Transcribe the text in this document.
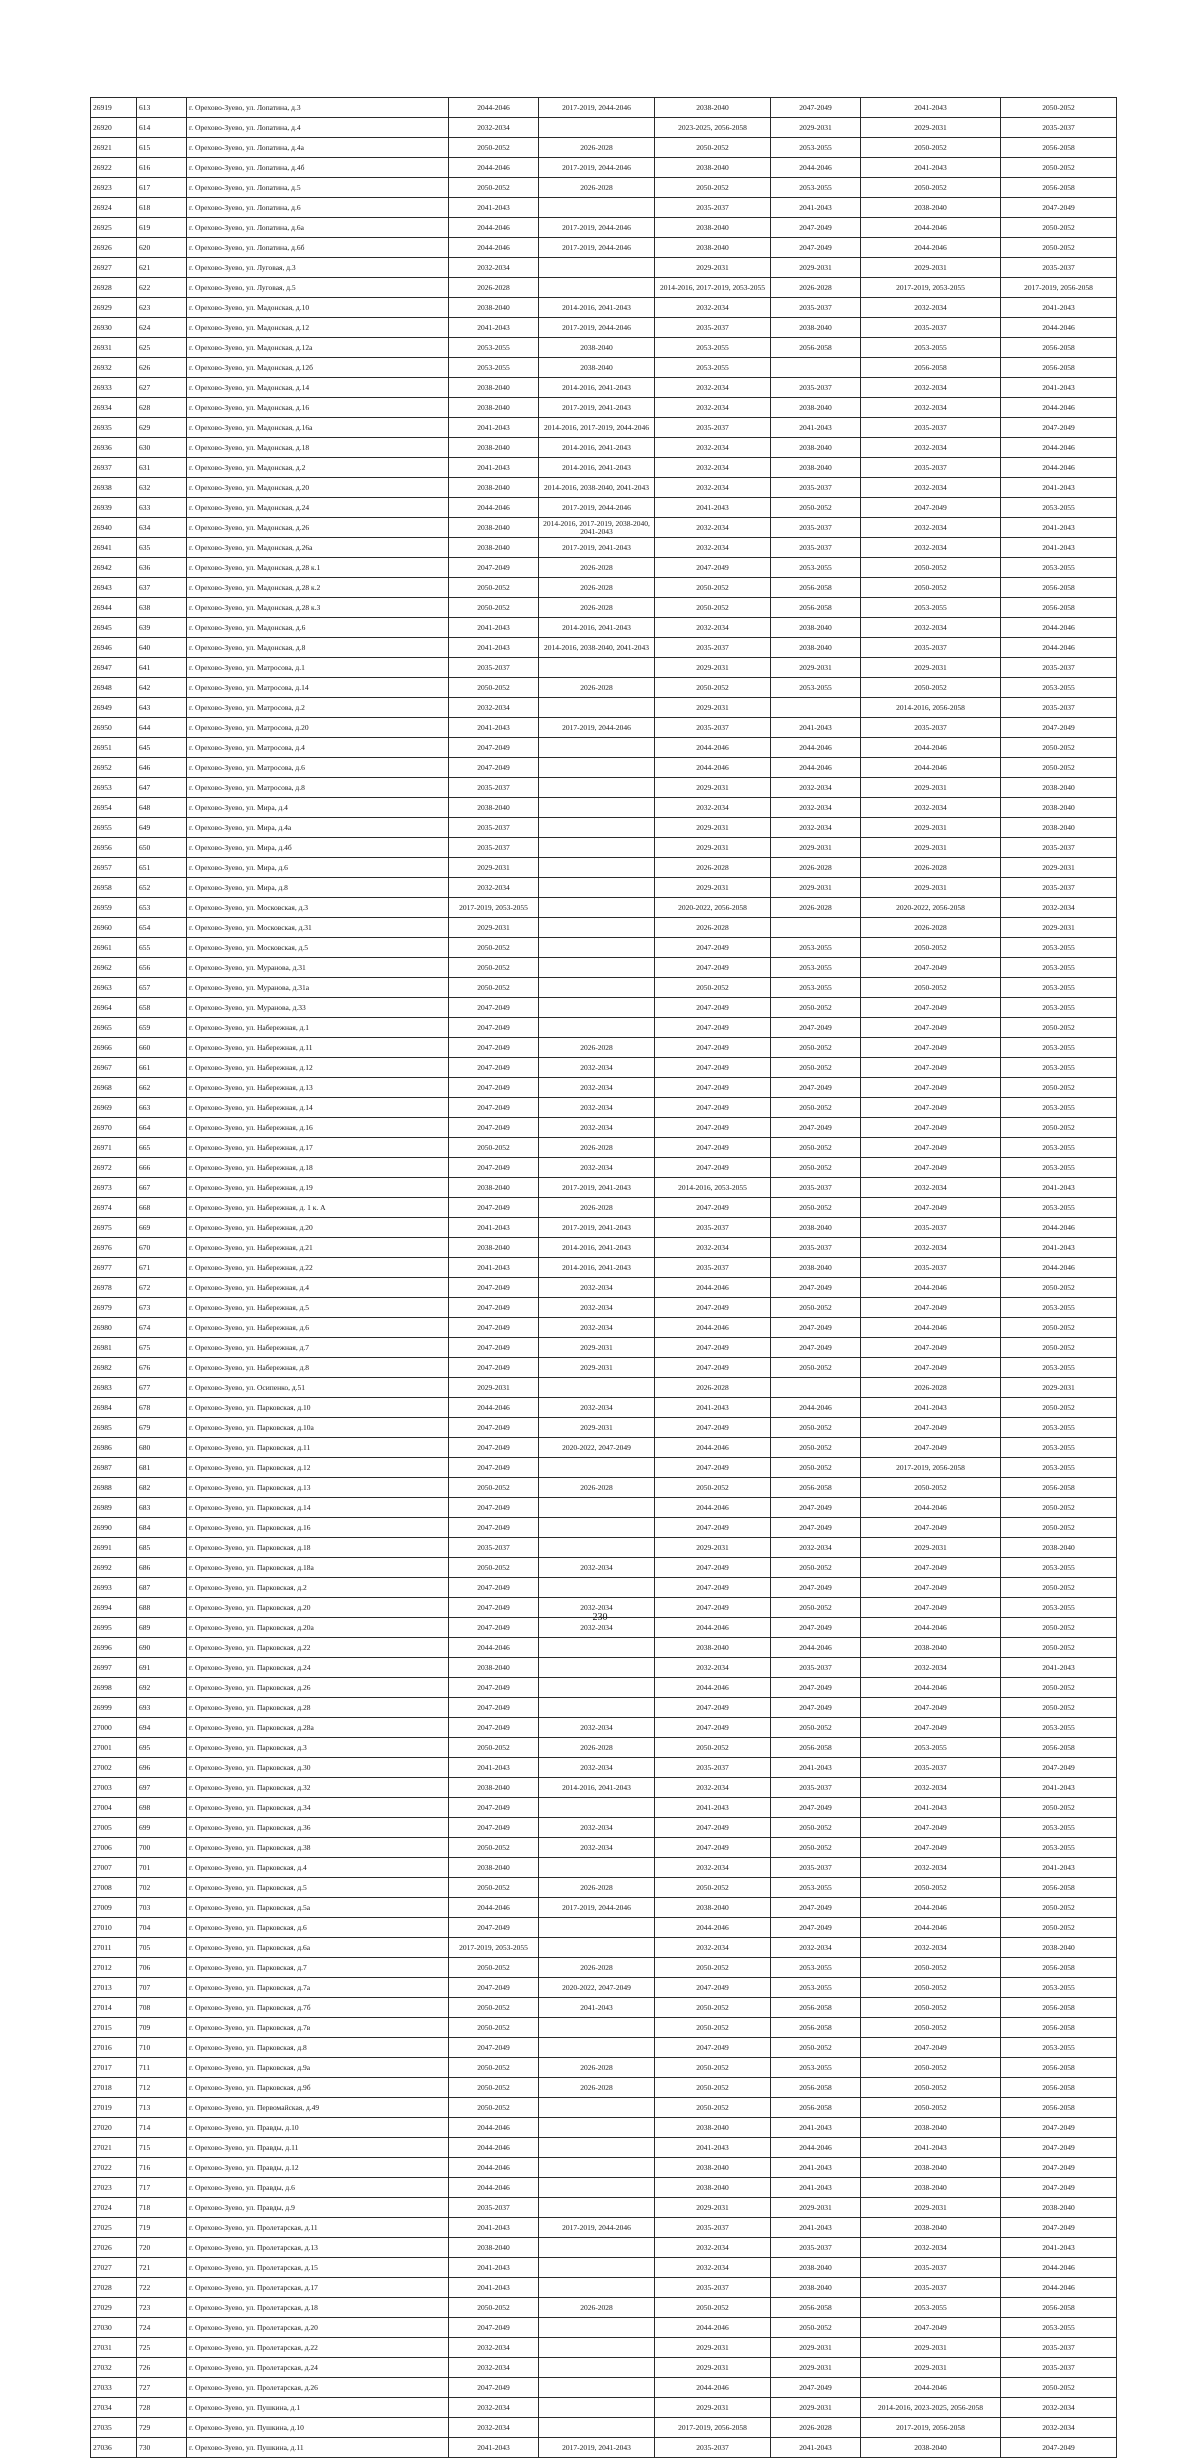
26919	613	г. Орехово-Зуево, ул. Лопатина, д.3	2044-2046	2017-2019, 2044-2046	2038-2040	2047-2049	2041-2043	2050-2052
26920	614	г. Орехово-Зуево, ул. Лопатина, д.4	2032-2034		2023-2025, 2056-2058	2029-2031	2029-2031	2035-2037
26921	615	г. Орехово-Зуево, ул. Лопатина, д.4а	2050-2052	2026-2028	2050-2052	2053-2055	2050-2052	2056-2058
26922	616	г. Орехово-Зуево, ул. Лопатина, д.4б	2044-2046	2017-2019, 2044-2046	2038-2040	2044-2046	2041-2043	2050-2052
26923	617	г. Орехово-Зуево, ул. Лопатина, д.5	2050-2052	2026-2028	2050-2052	2053-2055	2050-2052	2056-2058
26924	618	г. Орехово-Зуево, ул. Лопатина, д.6	2041-2043		2035-2037	2041-2043	2038-2040	2047-2049
26925	619	г. Орехово-Зуево, ул. Лопатина, д.6а	2044-2046	2017-2019, 2044-2046	2038-2040	2047-2049	2044-2046	2050-2052
26926	620	г. Орехово-Зуево, ул. Лопатина, д.6б	2044-2046	2017-2019, 2044-2046	2038-2040	2047-2049	2044-2046	2050-2052
26927	621	г. Орехово-Зуево, ул. Луговая, д.3	2032-2034		2029-2031	2029-2031	2029-2031	2035-2037
26928	622	г. Орехово-Зуево, ул. Луговая, д.5	2026-2028		2014-2016, 2017-2019, 2053-2055	2026-2028	2017-2019, 2053-2055	2017-2019, 2056-2058
26929	623	г. Орехово-Зуево, ул. Мадонская, д.10	2038-2040	2014-2016, 2041-2043	2032-2034	2035-2037	2032-2034	2041-2043
26930	624	г. Орехово-Зуево, ул. Мадонская, д.12	2041-2043	2017-2019, 2044-2046	2035-2037	2038-2040	2035-2037	2044-2046
26931	625	г. Орехово-Зуево, ул. Мадонская, д.12а	2053-2055	2038-2040	2053-2055	2056-2058	2053-2055	2056-2058
26932	626	г. Орехово-Зуево, ул. Мадонская, д.12б	2053-2055	2038-2040	2053-2055		2056-2058	2056-2058
26933	627	г. Орехово-Зуево, ул. Мадонская, д.14	2038-2040	2014-2016, 2041-2043	2032-2034	2035-2037	2032-2034	2041-2043
26934	628	г. Орехово-Зуево, ул. Мадонская, д.16	2038-2040	2017-2019, 2041-2043	2032-2034	2038-2040	2032-2034	2044-2046
26935	629	г. Орехово-Зуево, ул. Мадонская, д.16а	2041-2043	2014-2016, 2017-2019, 2044-2046	2035-2037	2041-2043	2035-2037	2047-2049
26936	630	г. Орехово-Зуево, ул. Мадонская, д.18	2038-2040	2014-2016, 2041-2043	2032-2034	2038-2040	2032-2034	2044-2046
26937	631	г. Орехово-Зуево, ул. Мадонская, д.2	2041-2043	2014-2016, 2041-2043	2032-2034	2038-2040	2035-2037	2044-2046
26938	632	г. Орехово-Зуево, ул. Мадонская, д.20	2038-2040	2014-2016, 2038-2040, 2041-2043	2032-2034	2035-2037	2032-2034	2041-2043
26939	633	г. Орехово-Зуево, ул. Мадонская, д.24	2044-2046	2017-2019, 2044-2046	2041-2043	2050-2052	2047-2049	2053-2055
26940	634	г. Орехово-Зуево, ул. Мадонская, д.26	2038-2040	2014-2016, 2017-2019, 2038-2040, 2041-2043	2032-2034	2035-2037	2032-2034	2041-2043
26941	635	г. Орехово-Зуево, ул. Мадонская, д.26а	2038-2040	2017-2019, 2041-2043	2032-2034	2035-2037	2032-2034	2041-2043
26942	636	г. Орехово-Зуево, ул. Мадонская, д.28 к.1	2047-2049	2026-2028	2047-2049	2053-2055	2050-2052	2053-2055
26943	637	г. Орехово-Зуево, ул. Мадонская, д.28 к.2	2050-2052	2026-2028	2050-2052	2056-2058	2050-2052	2056-2058
26944	638	г. Орехово-Зуево, ул. Мадонская, д.28 к.3	2050-2052	2026-2028	2050-2052	2056-2058	2053-2055	2056-2058
26945	639	г. Орехово-Зуево, ул. Мадонская, д.6	2041-2043	2014-2016, 2041-2043	2032-2034	2038-2040	2032-2034	2044-2046
26946	640	г. Орехово-Зуево, ул. Мадонская, д.8	2041-2043	2014-2016, 2038-2040, 2041-2043	2035-2037	2038-2040	2035-2037	2044-2046
26947	641	г. Орехово-Зуево, ул. Матросова, д.1	2035-2037		2029-2031	2029-2031	2029-2031	2035-2037
26948	642	г. Орехово-Зуево, ул. Матросова, д.14	2050-2052	2026-2028	2050-2052	2053-2055	2050-2052	2053-2055
26949	643	г. Орехово-Зуево, ул. Матросова, д.2	2032-2034		2029-2031		2014-2016, 2056-2058	2035-2037
26950	644	г. Орехово-Зуево, ул. Матросова, д.20	2041-2043	2017-2019, 2044-2046	2035-2037	2041-2043	2035-2037	2047-2049
26951	645	г. Орехово-Зуево, ул. Матросова, д.4	2047-2049		2044-2046	2044-2046	2044-2046	2050-2052
26952	646	г. Орехово-Зуево, ул. Матросова, д.6	2047-2049		2044-2046	2044-2046	2044-2046	2050-2052
26953	647	г. Орехово-Зуево, ул. Матросова, д.8	2035-2037		2029-2031	2032-2034	2029-2031	2038-2040
26954	648	г. Орехово-Зуево, ул. Мира, д.4	2038-2040		2032-2034	2032-2034	2032-2034	2038-2040
26955	649	г. Орехово-Зуево, ул. Мира, д.4а	2035-2037		2029-2031	2032-2034	2029-2031	2038-2040
26956	650	г. Орехово-Зуево, ул. Мира, д.4б	2035-2037		2029-2031	2029-2031	2029-2031	2035-2037
26957	651	г. Орехово-Зуево, ул. Мира, д.6	2029-2031		2026-2028	2026-2028	2026-2028	2029-2031
26958	652	г. Орехово-Зуево, ул. Мира, д.8	2032-2034		2029-2031	2029-2031	2029-2031	2035-2037
26959	653	г. Орехово-Зуево, ул. Московская, д.3	2017-2019, 2053-2055		2020-2022, 2056-2058	2026-2028	2020-2022, 2056-2058	2032-2034
26960	654	г. Орехово-Зуево, ул. Московская, д.31	2029-2031		2026-2028		2026-2028	2029-2031
26961	655	г. Орехово-Зуево, ул. Московская, д.5	2050-2052		2047-2049	2053-2055	2050-2052	2053-2055
26962	656	г. Орехово-Зуево, ул. Муранова, д.31	2050-2052		2047-2049	2053-2055	2047-2049	2053-2055
26963	657	г. Орехово-Зуево, ул. Муранова, д.31а	2050-2052		2050-2052	2053-2055	2050-2052	2053-2055
26964	658	г. Орехово-Зуево, ул. Муранова, д.33	2047-2049		2047-2049	2050-2052	2047-2049	2053-2055
26965	659	г. Орехово-Зуево, ул. Набережная, д.1	2047-2049		2047-2049	2047-2049	2047-2049	2050-2052
26966	660	г. Орехово-Зуево, ул. Набережная, д.11	2047-2049	2026-2028	2047-2049	2050-2052	2047-2049	2053-2055
26967	661	г. Орехово-Зуево, ул. Набережная, д.12	2047-2049	2032-2034	2047-2049	2050-2052	2047-2049	2053-2055
26968	662	г. Орехово-Зуево, ул. Набережная, д.13	2047-2049	2032-2034	2047-2049	2047-2049	2047-2049	2050-2052
26969	663	г. Орехово-Зуево, ул. Набережная, д.14	2047-2049	2032-2034	2047-2049	2050-2052	2047-2049	2053-2055
26970	664	г. Орехово-Зуево, ул. Набережная, д.16	2047-2049	2032-2034	2047-2049	2047-2049	2047-2049	2050-2052
26971	665	г. Орехово-Зуево, ул. Набережная, д.17	2050-2052	2026-2028	2047-2049	2050-2052	2047-2049	2053-2055
26972	666	г. Орехово-Зуево, ул. Набережная, д.18	2047-2049	2032-2034	2047-2049	2050-2052	2047-2049	2053-2055
26973	667	г. Орехово-Зуево, ул. Набережная, д.19	2038-2040	2017-2019, 2041-2043	2014-2016, 2053-2055	2035-2037	2032-2034	2041-2043
26974	668	г. Орехово-Зуево, ул. Набережная, д. 1 к. А	2047-2049	2026-2028	2047-2049	2050-2052	2047-2049	2053-2055
26975	669	г. Орехово-Зуево, ул. Набережная, д.20	2041-2043	2017-2019, 2041-2043	2035-2037	2038-2040	2035-2037	2044-2046
26976	670	г. Орехово-Зуево, ул. Набережная, д.21	2038-2040	2014-2016, 2041-2043	2032-2034	2035-2037	2032-2034	2041-2043
26977	671	г. Орехово-Зуево, ул. Набережная, д.22	2041-2043	2014-2016, 2041-2043	2035-2037	2038-2040	2035-2037	2044-2046
26978	672	г. Орехово-Зуево, ул. Набережная, д.4	2047-2049	2032-2034	2044-2046	2047-2049	2044-2046	2050-2052
26979	673	г. Орехово-Зуево, ул. Набережная, д.5	2047-2049	2032-2034	2047-2049	2050-2052	2047-2049	2053-2055
26980	674	г. Орехово-Зуево, ул. Набережная, д.6	2047-2049	2032-2034	2044-2046	2047-2049	2044-2046	2050-2052
26981	675	г. Орехово-Зуево, ул. Набережная, д.7	2047-2049	2029-2031	2047-2049	2047-2049	2047-2049	2050-2052
26982	676	г. Орехово-Зуево, ул. Набережная, д.8	2047-2049	2029-2031	2047-2049	2050-2052	2047-2049	2053-2055
26983	677	г. Орехово-Зуево, ул. Осипенко, д.51	2029-2031		2026-2028		2026-2028	2029-2031
26984	678	г. Орехово-Зуево, ул. Парковская, д.10	2044-2046	2032-2034	2041-2043	2044-2046	2041-2043	2050-2052
26985	679	г. Орехово-Зуево, ул. Парковская, д.10а	2047-2049	2029-2031	2047-2049	2050-2052	2047-2049	2053-2055
26986	680	г. Орехово-Зуево, ул. Парковская, д.11	2047-2049	2020-2022, 2047-2049	2044-2046	2050-2052	2047-2049	2053-2055
26987	681	г. Орехово-Зуево, ул. Парковская, д.12	2047-2049		2047-2049	2050-2052	2017-2019, 2056-2058	2053-2055
26988	682	г. Орехово-Зуево, ул. Парковская, д.13	2050-2052	2026-2028	2050-2052	2056-2058	2050-2052	2056-2058
26989	683	г. Орехово-Зуево, ул. Парковская, д.14	2047-2049		2044-2046	2047-2049	2044-2046	2050-2052
26990	684	г. Орехово-Зуево, ул. Парковская, д.16	2047-2049		2047-2049	2047-2049	2047-2049	2050-2052
26991	685	г. Орехово-Зуево, ул. Парковская, д.18	2035-2037		2029-2031	2032-2034	2029-2031	2038-2040
26992	686	г. Орехово-Зуево, ул. Парковская, д.18а	2050-2052	2032-2034	2047-2049	2050-2052	2047-2049	2053-2055
26993	687	г. Орехово-Зуево, ул. Парковская, д.2	2047-2049		2047-2049	2047-2049	2047-2049	2050-2052
26994	688	г. Орехово-Зуево, ул. Парковская, д.20	2047-2049	2032-2034	2047-2049	2050-2052	2047-2049	2053-2055
26995	689	г. Орехово-Зуево, ул. Парковская, д.20а	2047-2049	2032-2034	2044-2046	2047-2049	2044-2046	2050-2052
26996	690	г. Орехово-Зуево, ул. Парковская, д.22	2044-2046		2038-2040	2044-2046	2038-2040	2050-2052
26997	691	г. Орехово-Зуево, ул. Парковская, д.24	2038-2040		2032-2034	2035-2037	2032-2034	2041-2043
26998	692	г. Орехово-Зуево, ул. Парковская, д.26	2047-2049		2044-2046	2047-2049	2044-2046	2050-2052
26999	693	г. Орехово-Зуево, ул. Парковская, д.28	2047-2049		2047-2049	2047-2049	2047-2049	2050-2052
27000	694	г. Орехово-Зуево, ул. Парковская, д.28а	2047-2049	2032-2034	2047-2049	2050-2052	2047-2049	2053-2055
27001	695	г. Орехово-Зуево, ул. Парковская, д.3	2050-2052	2026-2028	2050-2052	2056-2058	2053-2055	2056-2058
27002	696	г. Орехово-Зуево, ул. Парковская, д.30	2041-2043	2032-2034	2035-2037	2041-2043	2035-2037	2047-2049
27003	697	г. Орехово-Зуево, ул. Парковская, д.32	2038-2040	2014-2016, 2041-2043	2032-2034	2035-2037	2032-2034	2041-2043
27004	698	г. Орехово-Зуево, ул. Парковская, д.34	2047-2049		2041-2043	2047-2049	2041-2043	2050-2052
27005	699	г. Орехово-Зуево, ул. Парковская, д.36	2047-2049	2032-2034	2047-2049	2050-2052	2047-2049	2053-2055
27006	700	г. Орехово-Зуево, ул. Парковская, д.38	2050-2052	2032-2034	2047-2049	2050-2052	2047-2049	2053-2055
27007	701	г. Орехово-Зуево, ул. Парковская, д.4	2038-2040		2032-2034	2035-2037	2032-2034	2041-2043
27008	702	г. Орехово-Зуево, ул. Парковская, д.5	2050-2052	2026-2028	2050-2052	2053-2055	2050-2052	2056-2058
27009	703	г. Орехово-Зуево, ул. Парковская, д.5а	2044-2046	2017-2019, 2044-2046	2038-2040	2047-2049	2044-2046	2050-2052
27010	704	г. Орехово-Зуево, ул. Парковская, д.6	2047-2049		2044-2046	2047-2049	2044-2046	2050-2052
27011	705	г. Орехово-Зуево, ул. Парковская, д.6а	2017-2019, 2053-2055		2032-2034	2032-2034	2032-2034	2038-2040
27012	706	г. Орехово-Зуево, ул. Парковская, д.7	2050-2052	2026-2028	2050-2052	2053-2055	2050-2052	2056-2058
27013	707	г. Орехово-Зуево, ул. Парковская, д.7а	2047-2049	2020-2022, 2047-2049	2047-2049	2053-2055	2050-2052	2053-2055
27014	708	г. Орехово-Зуево, ул. Парковская, д.7б	2050-2052	2041-2043	2050-2052	2056-2058	2050-2052	2056-2058
27015	709	г. Орехово-Зуево, ул. Парковская, д.7в	2050-2052		2050-2052	2056-2058	2050-2052	2056-2058
27016	710	г. Орехово-Зуево, ул. Парковская, д.8	2047-2049		2047-2049	2050-2052	2047-2049	2053-2055
27017	711	г. Орехово-Зуево, ул. Парковская, д.9а	2050-2052	2026-2028	2050-2052	2053-2055	2050-2052	2056-2058
27018	712	г. Орехово-Зуево, ул. Парковская, д.9б	2050-2052	2026-2028	2050-2052	2056-2058	2050-2052	2056-2058
27019	713	г. Орехово-Зуево, ул. Первомайская, д.49	2050-2052		2050-2052	2056-2058	2050-2052	2056-2058
27020	714	г. Орехово-Зуево, ул. Правды, д.10	2044-2046		2038-2040	2041-2043	2038-2040	2047-2049
27021	715	г. Орехово-Зуево, ул. Правды, д.11	2044-2046		2041-2043	2044-2046	2041-2043	2047-2049
27022	716	г. Орехово-Зуево, ул. Правды, д.12	2044-2046		2038-2040	2041-2043	2038-2040	2047-2049
27023	717	г. Орехово-Зуево, ул. Правды, д.6	2044-2046		2038-2040	2041-2043	2038-2040	2047-2049
27024	718	г. Орехово-Зуево, ул. Правды, д.9	2035-2037		2029-2031	2029-2031	2029-2031	2038-2040
27025	719	г. Орехово-Зуево, ул. Пролетарская, д.11	2041-2043	2017-2019, 2044-2046	2035-2037	2041-2043	2038-2040	2047-2049
27026	720	г. Орехово-Зуево, ул. Пролетарская, д.13	2038-2040		2032-2034	2035-2037	2032-2034	2041-2043
27027	721	г. Орехово-Зуево, ул. Пролетарская, д.15	2041-2043		2032-2034	2038-2040	2035-2037	2044-2046
27028	722	г. Орехово-Зуево, ул. Пролетарская, д.17	2041-2043		2035-2037	2038-2040	2035-2037	2044-2046
27029	723	г. Орехово-Зуево, ул. Пролетарская, д.18	2050-2052	2026-2028	2050-2052	2056-2058	2053-2055	2056-2058
27030	724	г. Орехово-Зуево, ул. Пролетарская, д.20	2047-2049		2044-2046	2050-2052	2047-2049	2053-2055
27031	725	г. Орехово-Зуево, ул. Пролетарская, д.22	2032-2034		2029-2031	2029-2031	2029-2031	2035-2037
27032	726	г. Орехово-Зуево, ул. Пролетарская, д.24	2032-2034		2029-2031	2029-2031	2029-2031	2035-2037
27033	727	г. Орехово-Зуево, ул. Пролетарская, д.26	2047-2049		2044-2046	2047-2049	2044-2046	2050-2052
27034	728	г. Орехово-Зуево, ул. Пушкина, д.1	2032-2034		2029-2031	2029-2031	2014-2016, 2023-2025, 2056-2058	2032-2034
27035	729	г. Орехово-Зуево, ул. Пушкина, д.10	2032-2034		2017-2019, 2056-2058	2026-2028	2017-2019, 2056-2058	2032-2034
27036	730	г. Орехово-Зуево, ул. Пушкина, д.11	2041-2043	2017-2019, 2041-2043	2035-2037	2041-2043	2038-2040	2047-2049
230
